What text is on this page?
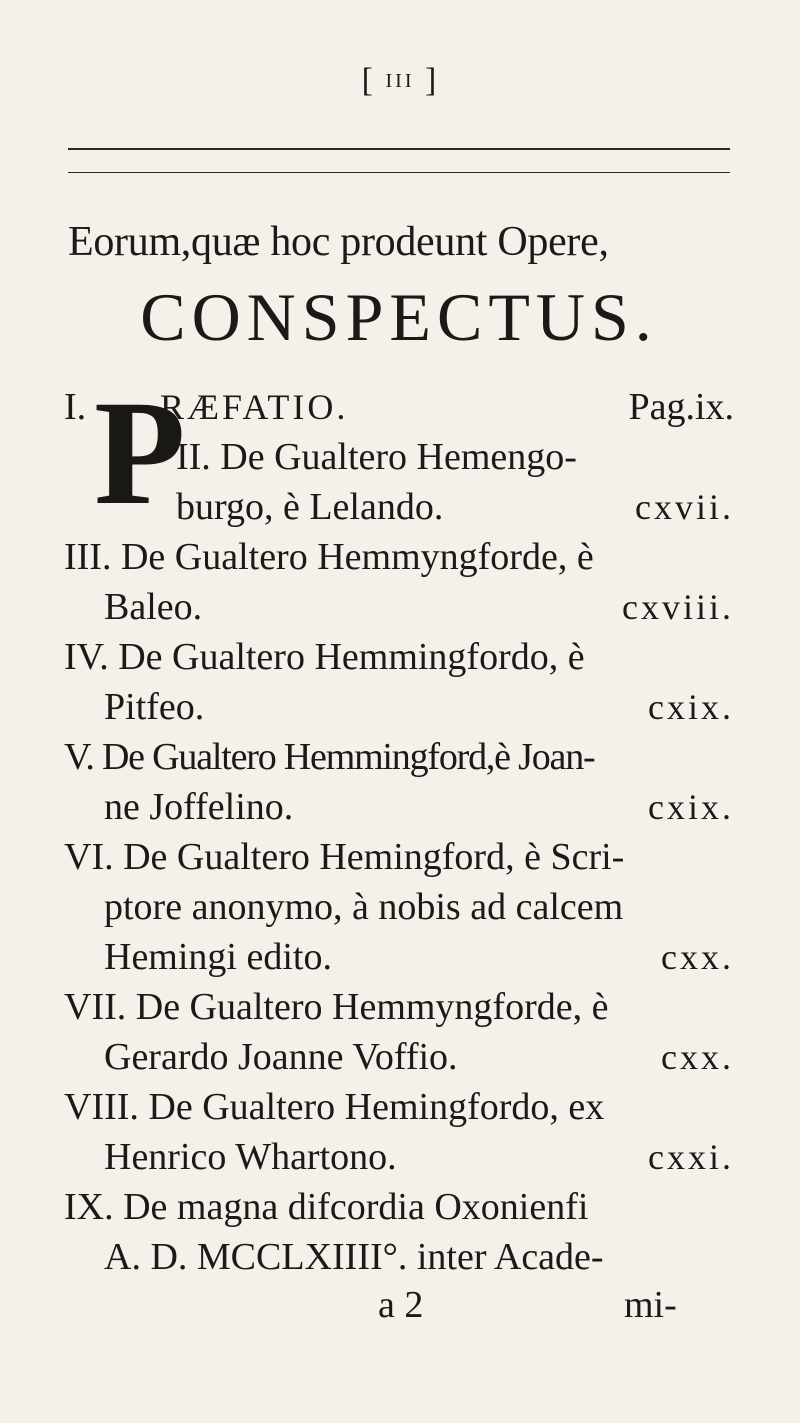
[ III ]
Eorum,quæ hoc prodeunt Opere,
CONSPECTUS.
P
I.	RÆFATIO.	Pag.ix.
II. De Gualtero Hemengo-
burgo, è Lelando.	cxvii.
III. De Gualtero Hemmyngforde, è
Baleo.	cxviii.
IV. De Gualtero Hemmingfordo, è
Pitfeo.	cxix.
V. De Gualtero Hemmingford,è Joan-
ne Joffelino.	cxix.
VI. De Gualtero Hemingford, è Scri-
ptore anonymo, à nobis ad calcem
Hemingi edito.	cxx.
VII. De Gualtero Hemmyngforde, è
Gerardo Joanne Voffio.	cxx.
VIII. De Gualtero Hemingfordo, ex
Henrico Whartono.	cxxi.
IX. De magna difcordia Oxonienfi
A. D. MCCLXIIII°. inter Acade-
a 2	mi-
